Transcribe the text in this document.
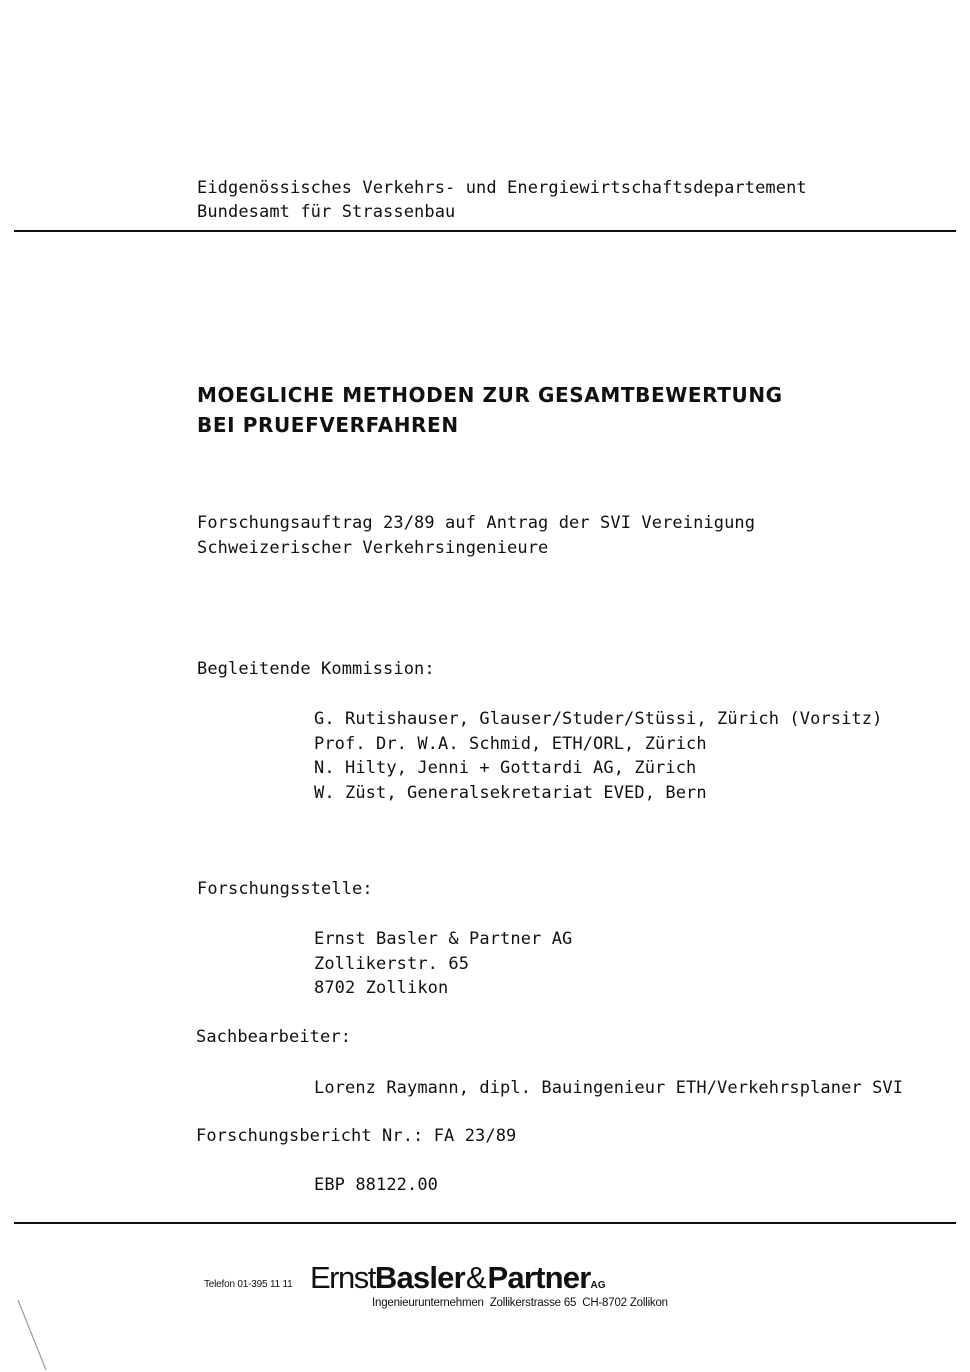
Eidgenössisches Verkehrs- und Energiewirtschaftsdepartement
Bundesamt für Strassenbau
MOEGLICHE METHODEN ZUR GESAMTBEWERTUNG
BEI PRUEFVERFAHREN
Forschungsauftrag 23/89 auf Antrag der SVI Vereinigung
Schweizerischer Verkehrsingenieure
Begleitende Kommission:
G. Rutishauser, Glauser/Studer/Stüssi, Zürich (Vorsitz)
Prof. Dr. W.A. Schmid, ETH/ORL, Zürich
N. Hilty, Jenni + Gottardi AG, Zürich
W. Züst, Generalsekretariat EVED, Bern
Forschungsstelle:
Ernst Basler & Partner AG
Zollikerstr. 65
8702 Zollikon
Sachbearbeiter:
Lorenz Raymann, dipl. Bauingenieur ETH/Verkehrsplaner SVI
Forschungsbericht Nr.: FA 23/89
EBP 88122.00
Telefon 01-395 11 11 ErnstBasler&PartnerAG
Ingenieurunternehmen  Zollikerstrasse 65  CH-8702 Zollikon
